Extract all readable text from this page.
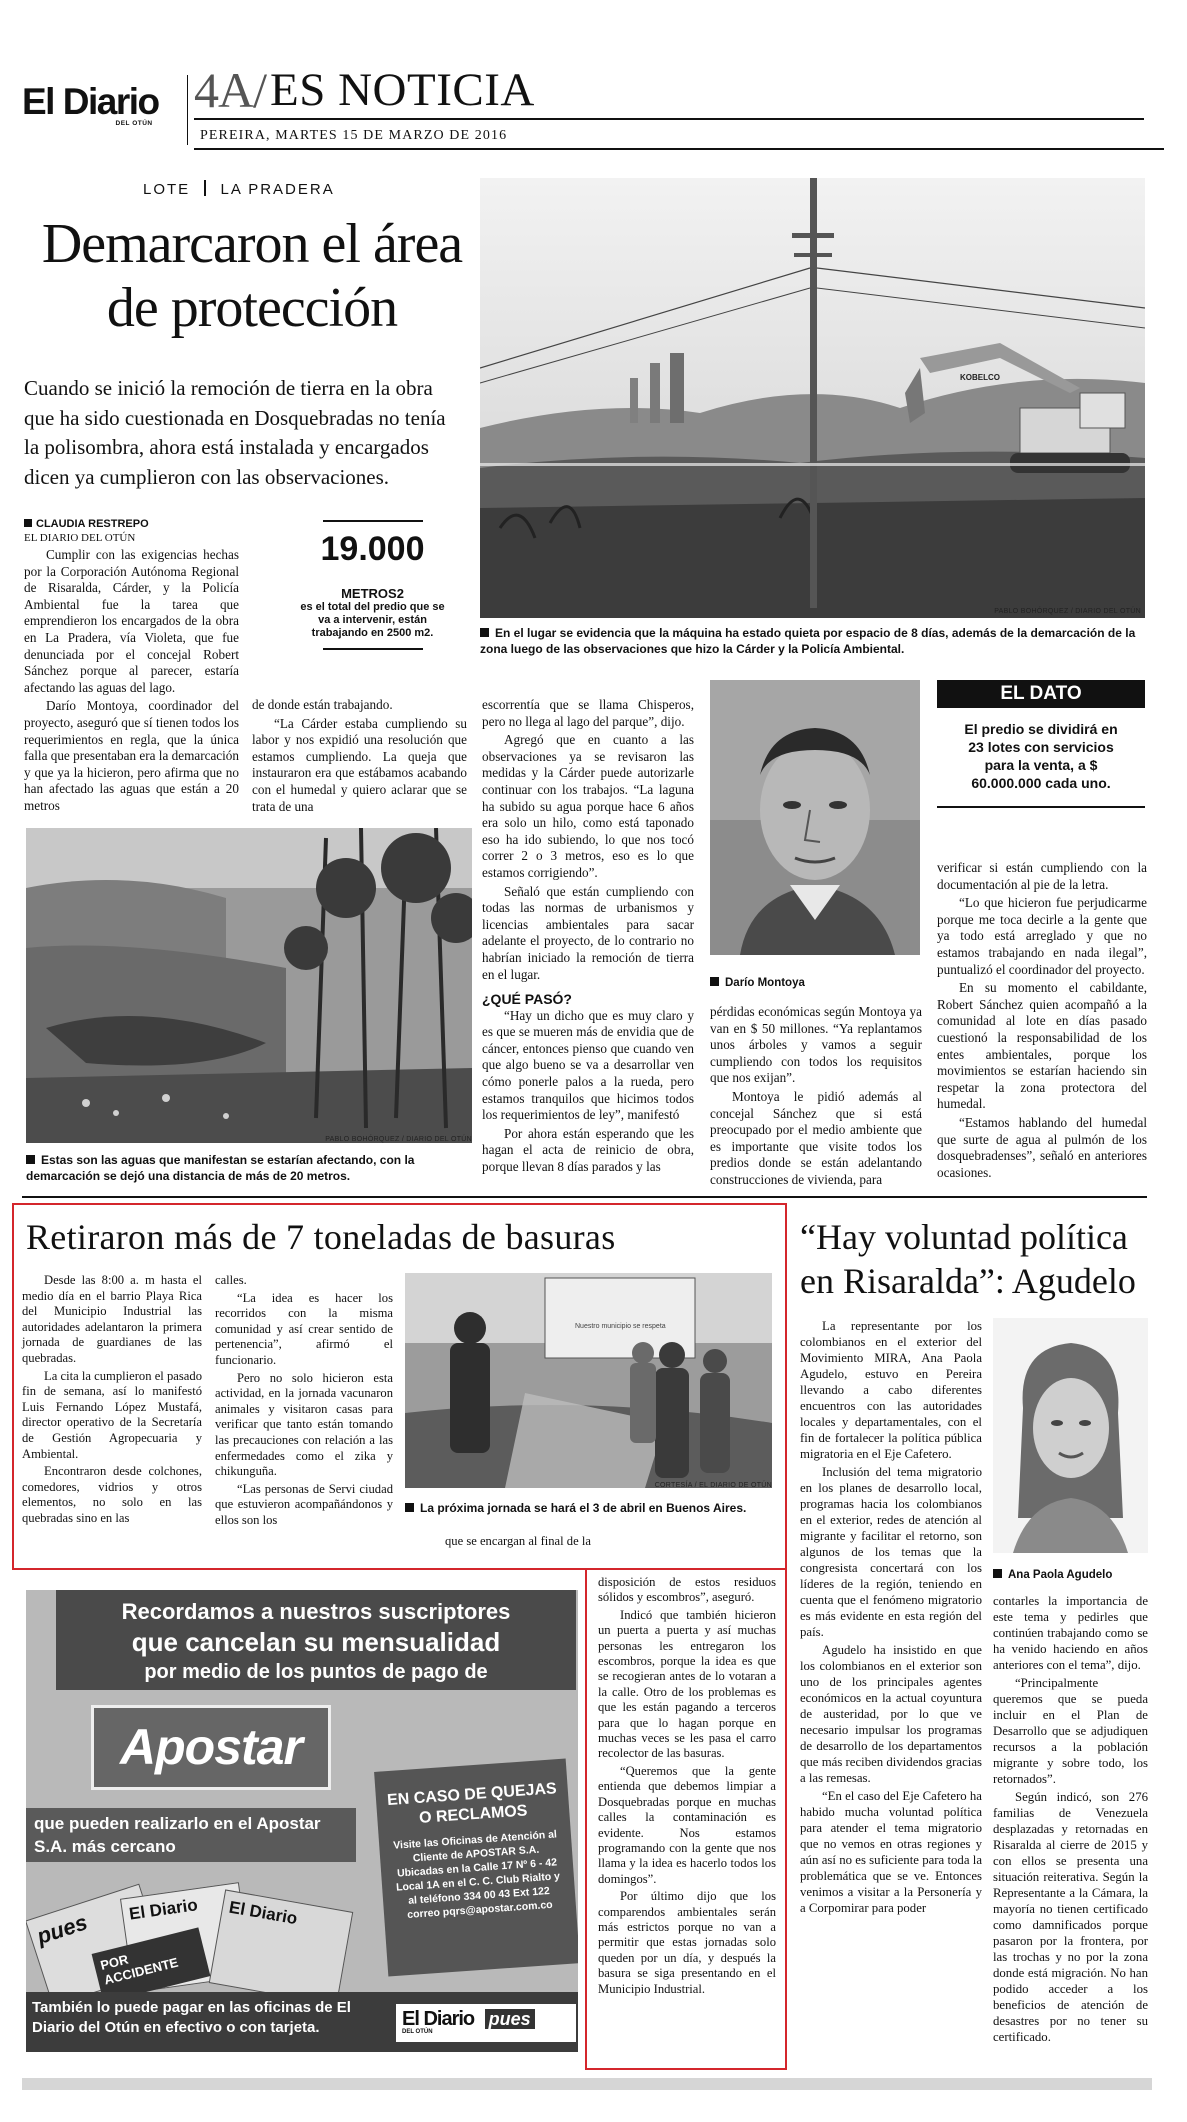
El Diario
DEL OTÚN
4A/ ES NOTICIA
PEREIRA, MARTES 15 DE MARZO DE 2016
LOTE LA PRADERA
Demarcaron el área de protección
Cuando se inició la remoción de tierra en la obra que ha sido cuestionada en Dosquebradas no tenía la polisombra, ahora está instalada y encargados dicen ya cumplieron con las observaciones.
CLAUDIA RESTREPO
EL DIARIO DEL OTÚN

Cumplir con las exigencias hechas por la Corporación Autónoma Regional de Risaralda, Cárder, y la Policía Ambiental fue la tarea que emprendieron los encargados de la obra en La Pradera, vía Violeta, que fue denunciada por el concejal Robert Sánchez porque al parecer, estaría afectando las aguas del lago.

Darío Montoya, coordinador del proyecto, aseguró que sí tienen todos los requerimientos en regla, que la única falla que presentaban era la demarcación y que ya la hicieron, pero afirma que no han afectado las aguas que están a 20 metros

19.000
METROS2
es el total del predio que se va a intervenir, están trabajando en 2500 m2.

de donde están trabajando.

“La Cárder estaba cumpliendo su labor y nos expidió una resolución que estamos cumpliendo. La queja que instauraron era que estábamos acabando con el humedal y quiero aclarar que se trata de una

KOBELCO
PABLO BOHÓRQUEZ / DIARIO DEL OTÚN
En el lugar se evidencia que la máquina ha estado quieta por espacio de 8 días, además de la demarcación de la zona luego de las observaciones que hizo la Cárder y la Policía Ambiental.
PABLO BOHÓRQUEZ / DIARIO DEL OTÚN
Estas son las aguas que manifestan se estarían afectando, con la demarcación se dejó una distancia de más de 20 metros.

escorrentía que se llama Chisperos, pero no llega al lago del parque”, dijo.

Agregó que en cuanto a las observaciones ya se revisaron las medidas y la Cárder puede autorizarle continuar con los trabajos. “La laguna ha subido su agua porque hace 6 años era solo un hilo, como está taponado eso ha ido subiendo, lo que nos tocó correr 2 o 3 metros, eso es lo que estamos corrigiendo”.

Señaló que están cumpliendo con todas las normas de urbanismos y licencias ambientales para sacar adelante el proyecto, de lo contrario no habrían iniciado la remoción de tierra en el lugar.

¿QUÉ PASÓ?

“Hay un dicho que es muy claro y es que se mueren más de envidia que de cáncer, entonces pienso que cuando ven que algo bueno se va a desarrollar ven cómo ponerle palos a la rueda, pero estamos tranquilos que hicimos todos los requerimientos de ley”, manifestó

Por ahora están esperando que les hagan el acta de reinicio de obra, porque llevan 8 días parados y las

Darío Montoya

pérdidas económicas según Montoya ya van en $ 50 millones. “Ya replantamos unos árboles y vamos a seguir cumpliendo con todos los requisitos que nos exijan”.

Montoya le pidió además al concejal Sánchez que si está preocupado por el medio ambiente que es importante que visite todos los predios donde se están adelantando construcciones de vivienda, para

EL DATO
El predio se dividirá en 23 lotes con servicios para la venta, a $ 60.000.000 cada uno.

verificar si están cumpliendo con la documentación al pie de la letra.

“Lo que hicieron fue perjudicarme porque me toca decirle a la gente que ya todo está arreglado y que no estamos trabajando en nada ilegal”, puntualizó el coordinador del proyecto.

En su momento el cabildante, Robert Sánchez quien acompañó a la comunidad al lote en días pasado cuestionó la responsabilidad de los entes ambientales, porque los movimientos se estarían haciendo sin respetar la zona protectora del humedal.

“Estamos hablando del humedal que surte de agua al pulmón de los dosquebradenses”, señaló en anteriores ocasiones.

Retiraron más de 7 toneladas de basuras

Desde las 8:00 a. m hasta el medio día en el barrio Playa Rica del Municipio Industrial las autoridades adelantaron la primera jornada de guardianes de las quebradas.

La cita la cumplieron el pasado fin de semana, así lo manifestó Luis Fernando López Mustafá, director operativo de la Secretaría de Gestión Agropecuaria y Ambiental.

Encontraron desde colchones, comedores, vidrios y otros elementos, no solo en las quebradas sino en las

calles.

“La idea es hacer los recorridos con la misma comunidad y así crear sentido de pertenencia”, afirmó el funcionario.

Pero no solo hicieron esta actividad, en la jornada vacunaron animales y visitaron casas para verificar que tanto están tomando las precauciones con relación a las enfermedades como el zika y chikunguña.

“Las personas de Servi ciudad que estuvieron acompañándonos y ellos son los

que se encargan al final de la

Nuestro municipio se respeta
CORTESÍA / EL DIARIO DE OTÚN
La próxima jornada se hará el 3 de abril en Buenos Aires.

disposición de estos residuos sólidos y escombros”, aseguró.

Indicó que también hicieron un puerta a puerta y así muchas personas les entregaron los escombros, porque la idea es que se recogieran antes de lo votaran a la calle. Otro de los problemas es que les están pagando a terceros para que lo hagan porque en muchas veces se les pasa el carro recolector de las basuras.

“Queremos que la gente entienda que debemos limpiar a Dosquebradas porque en muchas calles la contaminación es evidente. Nos estamos programando con la gente que nos llama y la idea es hacerlo todos los domingos”.

Por último dijo que los comparendos ambientales serán más estrictos porque no van a permitir que estas jornadas solo queden por un día, y después la basura se siga presentando en el Municipio Industrial.

Recordamos a nuestros suscriptores
que cancelan su mensualidad
por medio de los puntos de pago de
Apostar
que pueden realizarlo en el Apostar S.A. más cercano
EN CASO DE QUEJAS O RECLAMOS
Visite las Oficinas de Atención al Cliente de APOSTAR S.A. Ubicadas en la Calle 17 Nº 6 - 42 Local 1A en el C. C. Club Rialto y al teléfono 334 00 43 Ext 122 correo pqrs@apostar.com.co
pues	El Diario	El Diario
POR ACCIDENTE
También lo puede pagar en las oficinas de El Diario del Otún en efectivo o con tarjeta.	El Diario pues
DEL OTÚN
“Hay voluntad política en Risaralda”: Agudelo

La representante por los colombianos en el exterior del Movimiento MIRA, Ana Paola Agudelo, estuvo en Pereira llevando a cabo diferentes encuentros con las autoridades locales y departamentales, con el fin de fortalecer la política pública migratoria en el Eje Cafetero.

Inclusión del tema migratorio en los planes de desarrollo local, programas hacia los colombianos en el exterior, redes de atención al migrante y facilitar el retorno, son algunos de los temas que la congresista concertará con los líderes de la región, teniendo en cuenta que el fenómeno migratorio es más evidente en esta región del país.

Agudelo ha insistido en que los colombianos en el exterior son uno de los principales agentes económicos en la actual coyuntura de austeridad, por lo que ve necesario impulsar los programas de desarrollo de los departamentos que más reciben dividendos gracias a las remesas.

“En el caso del Eje Cafetero ha habido mucha voluntad política para atender el tema migratorio que no vemos en otras regiones y aún así no es suficiente para toda la problemática que se ve. Entonces venimos a visitar a la Personería y a Corpomirar para poder

Ana Paola Agudelo

contarles la importancia de este tema y pedirles que continúen trabajando como se ha venido haciendo en años anteriores con el tema”, dijo.

“Principalmente queremos que se pueda incluir en el Plan de Desarrollo que se adjudiquen recursos a la población migrante y sobre todo, los retornados”.

Según indicó, son 276 familias de Venezuela desplazadas y retornadas en Risaralda al cierre de 2015 y con ellos se presenta una situación reiterativa. Según la Representante a la Cámara, la mayoría no tienen certificado como damnificados porque pasaron por la frontera, por las trochas y no por la zona donde está migración. No han podido acceder a los beneficios de atención de desastres por no tener su certificado.
